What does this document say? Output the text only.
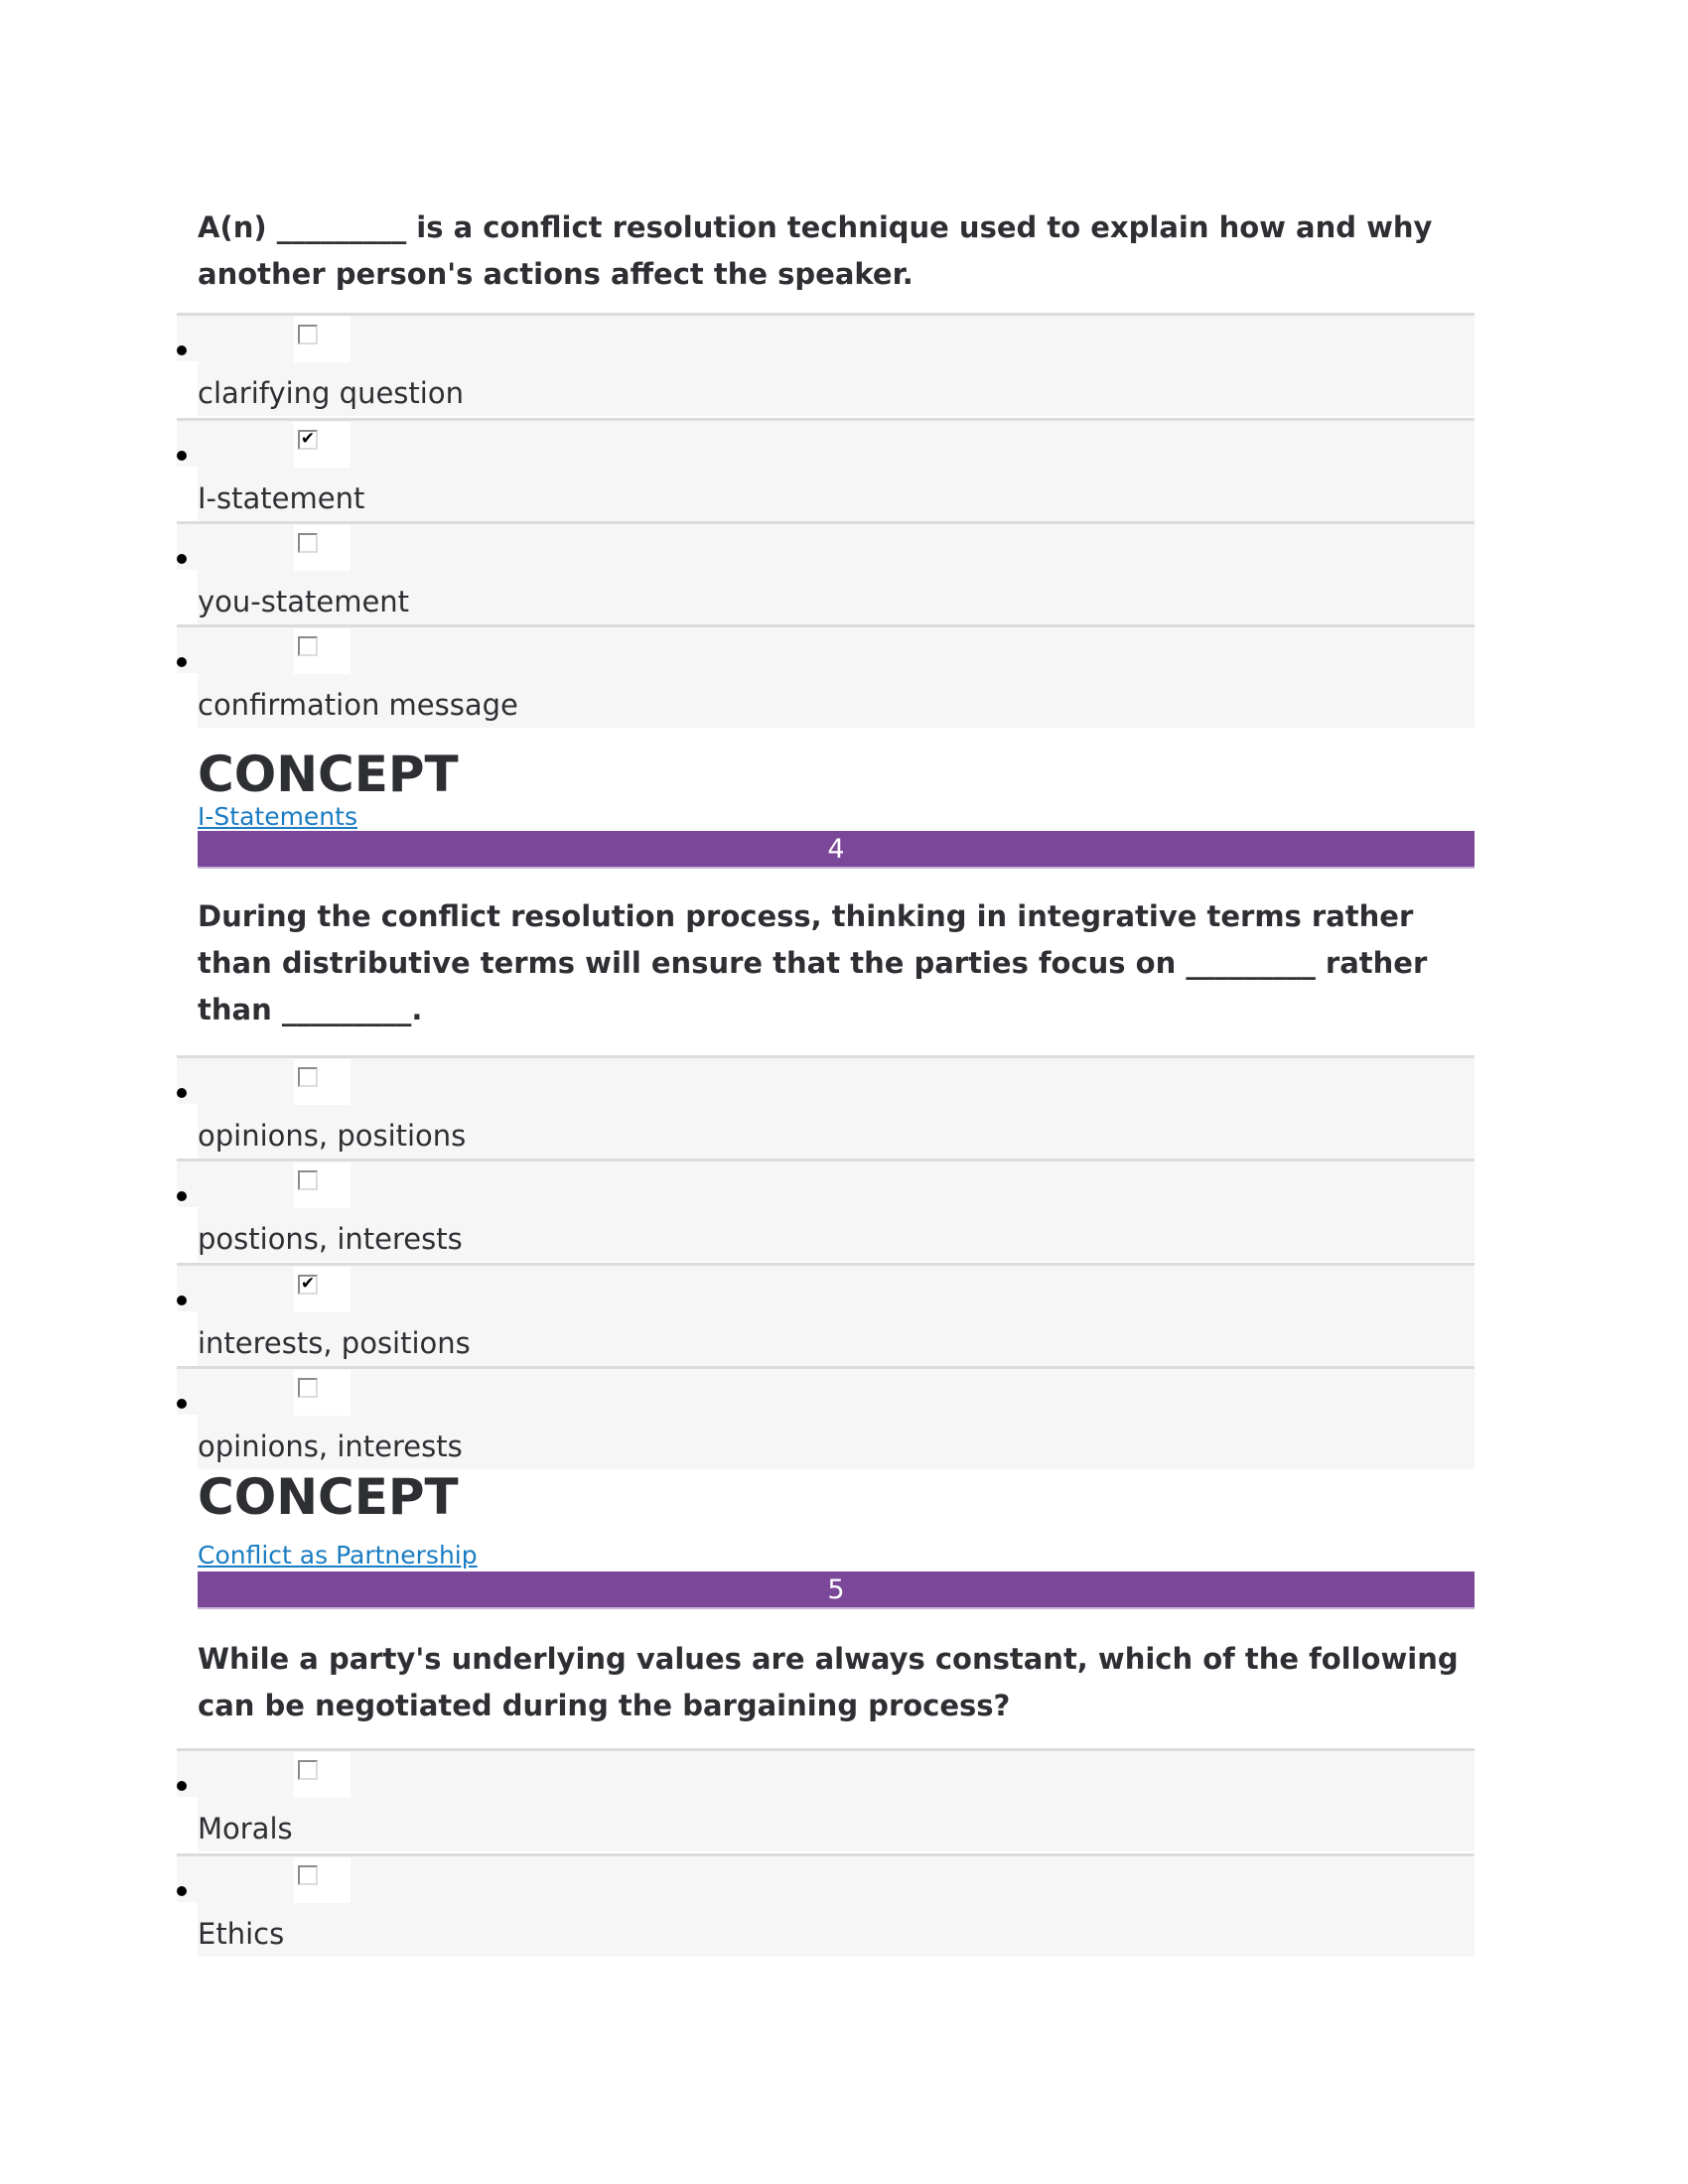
A(n) _________ is a conflict resolution technique used to explain how and why another person's actions affect the speaker.

clarifying question
✔
I-statement
you-statement
confirmation message
CONCEPT
I-Statements
4

During the conflict resolution process, thinking in integrative terms rather than distributive terms will ensure that the parties focus on _________ rather than _________.

opinions, positions
postions, interests
✔
interests, positions
opinions, interests
CONCEPT
Conflict as Partnership
5

While a party's underlying values are always constant, which of the following can be negotiated during the bargaining process?

Morals
Ethics
